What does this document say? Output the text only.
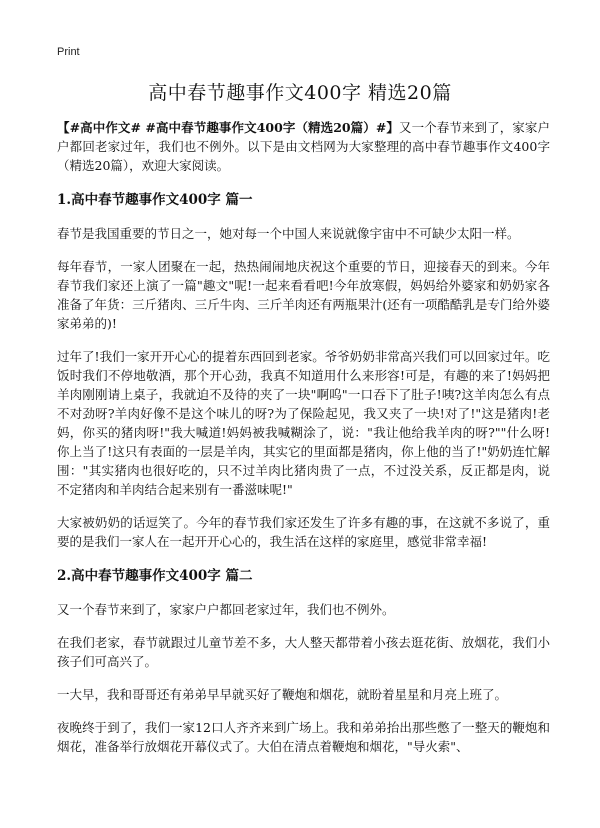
Print
高中春节趣事作文400字 精选20篇

【#高中作文# #高中春节趣事作文400字（精选20篇）#】又一个春节来到了，家家户户都回老家过年，我们也不例外。以下是由文档网为大家整理的高中春节趣事作文400字（精选20篇），欢迎大家阅读。

1.高中春节趣事作文400字 篇一

春节是我国重要的节日之一，她对每一个中国人来说就像宇宙中不可缺少太阳一样。

每年春节，一家人团聚在一起，热热闹闹地庆祝这个重要的节日，迎接春天的到来。今年春节我们家还上演了一篇"趣文"呢!一起来看看吧!今年放寒假，妈妈给外婆家和奶奶家各准备了年货：三斤猪肉、三斤牛肉、三斤羊肉还有两瓶果汁(还有一项酷酷乳是专门给外婆家弟弟的)!

过年了!我们一家开开心心的提着东西回到老家。爷爷奶奶非常高兴我们可以回家过年。吃饭时我们不停地敬酒，那个开心劲，我真不知道用什么来形容!可是，有趣的来了!妈妈把羊肉刚刚请上桌子，我就迫不及待的夹了一块"啊呜"一口吞下了肚子!咦?这羊肉怎么有点不对劲呀?羊肉好像不是这个味儿的呀?为了保险起见，我又夹了一块!对了!"这是猪肉!老妈，你买的猪肉呀!"我大喊道!妈妈被我喊糊涂了，说："我让他给我羊肉的呀?""什么呀!你上当了!这只有表面的一层是羊肉，其实它的里面都是猪肉，你上他的当了!"奶奶连忙解围："其实猪肉也很好吃的，只不过羊肉比猪肉贵了一点，不过没关系，反正都是肉，说不定猪肉和羊肉结合起来别有一番滋味呢!"

大家被奶奶的话逗笑了。今年的春节我们家还发生了许多有趣的事，在这就不多说了，重要的是我们一家人在一起开开心心的，我生活在这样的家庭里，感觉非常幸福!

2.高中春节趣事作文400字 篇二

又一个春节来到了，家家户户都回老家过年，我们也不例外。

在我们老家，春节就跟过儿童节差不多，大人整天都带着小孩去逛花街、放烟花，我们小孩子们可高兴了。

一大早，我和哥哥还有弟弟早早就买好了鞭炮和烟花，就盼着星星和月亮上班了。

夜晚终于到了，我们一家12口人齐齐来到广场上。我和弟弟抬出那些憋了一整天的鞭炮和烟花，准备举行放烟花开幕仪式了。大伯在清点着鞭炮和烟花，"导火索"、
